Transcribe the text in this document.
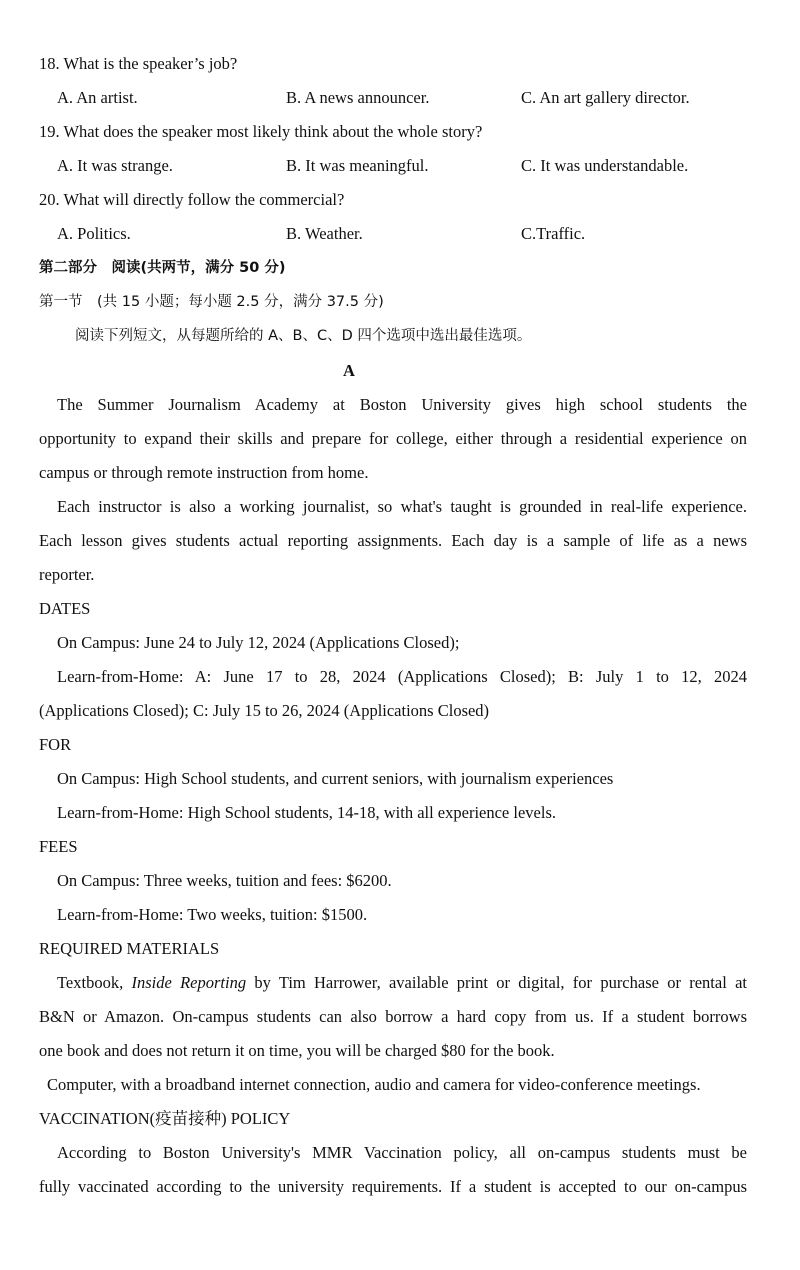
18. What is the speaker’s job?
A. An artist.	B. A news announcer.	C. An art gallery director.
19. What does the speaker most likely think about the whole story?
A. It was strange.	B. It was meaningful.	C. It was understandable.
20. What will directly follow the commercial?
A. Politics.	B. Weather.	C.Traffic.
第二部分　阅读(共两节，满分 50 分)
第一节　(共 15 小题；每小题 2.5 分，满分 37.5 分)
阅读下列短文，从每题所给的 A、B、C、D 四个选项中选出最佳选项。
A
The Summer Journalism Academy at Boston University gives high school students the
opportunity to expand their skills and prepare for college, either through a residential experience on
campus or through remote instruction from home.
Each instructor is also a working journalist, so what's taught is grounded in real-life experience.
Each lesson gives students actual reporting assignments. Each day is a sample of life as a news
reporter.
DATES
On Campus: June 24 to July 12, 2024 (Applications Closed);
Learn-from-Home: A: June 17 to 28, 2024 (Applications Closed); B: July 1 to 12, 2024
(Applications Closed); C: July 15 to 26, 2024 (Applications Closed)
FOR
On Campus: High School students, and current seniors, with journalism experiences
Learn-from-Home: High School students, 14-18, with all experience levels.
FEES
On Campus: Three weeks, tuition and fees: $6200.
Learn-from-Home: Two weeks, tuition: $1500.
REQUIRED MATERIALS
Textbook, Inside Reporting by Tim Harrower, available print or digital, for purchase or rental at
B&N or Amazon. On-campus students can also borrow a hard copy from us. If a student borrows
one book and does not return it on time, you will be charged $80 for the book.
Computer, with a broadband internet connection, audio and camera for video-conference meetings.
VACCINATION(疫苗接种) POLICY
According to Boston University's MMR Vaccination policy, all on-campus students must be
fully vaccinated according to the university requirements. If a student is accepted to our on-campus
